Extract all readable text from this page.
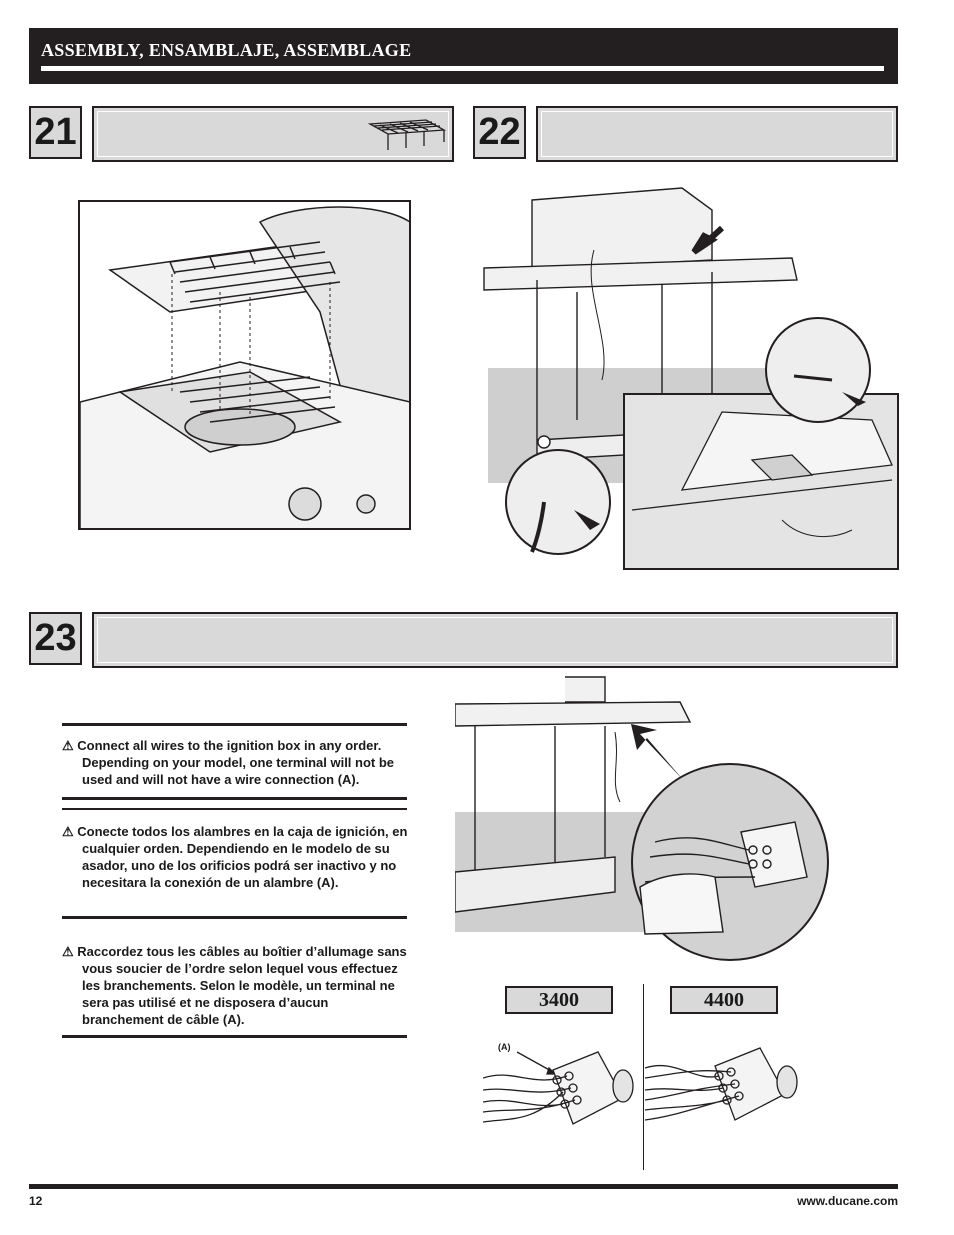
ASSEMBLY, ENSAMBLAJE, ASSEMBLAGE
21	22
23

⚠ Connect all wires to the ignition box in any order. Depending on your model, one terminal will not be used and will not have a wire connection (A).

⚠ Conecte todos los alambres en la caja de ignición, en cualquier orden. Dependiendo en le modelo de su asador, uno de los orificios podrá ser inactivo y no necesitara la conexión de un alambre (A).

⚠ Raccordez tous les câbles au boîtier d’allumage sans vous soucier de l’ordre selon lequel vous effectuez les branchements. Selon le modèle, un terminal ne sera pas utilisé et ne disposera d’aucun branchement de câble (A).

3400	4400
(A)
12	www.ducane.com
